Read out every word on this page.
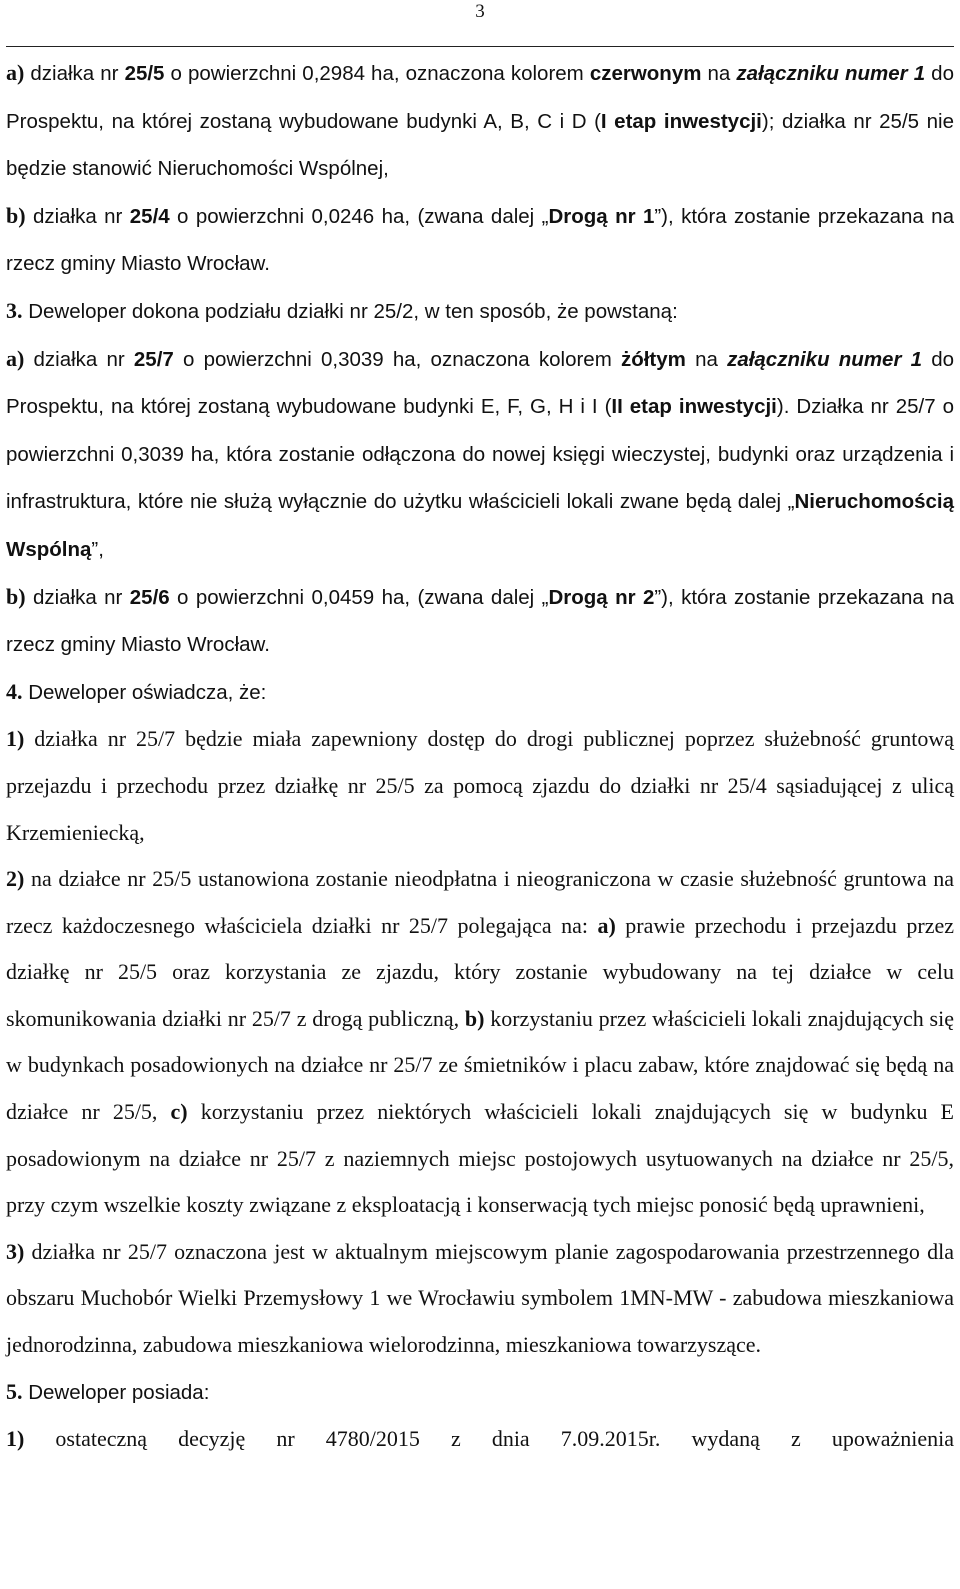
3

a) działka nr 25/5 o powierzchni 0,2984 ha, oznaczona kolorem czerwonym na załączniku numer 1 do Prospektu, na której zostaną wybudowane budynki A, B, C i D (I etap inwestycji); działka nr 25/5 nie będzie stanowić Nieruchomości Wspólnej,

b) działka nr 25/4 o powierzchni 0,0246 ha, (zwana dalej „Drogą nr 1”), która zostanie przekazana na rzecz gminy Miasto Wrocław.

3. Deweloper dokona podziału działki nr 25/2, w ten sposób, że powstaną:

a) działka nr 25/7 o powierzchni 0,3039 ha, oznaczona kolorem żółtym na załączniku numer 1 do Prospektu, na której zostaną wybudowane budynki E, F, G, H i I (II etap inwestycji). Działka nr 25/7 o powierzchni 0,3039 ha, która zostanie odłączona do nowej księgi wieczystej, budynki oraz urządzenia i infrastruktura, które nie służą wyłącznie do użytku właścicieli lokali zwane będą dalej „Nieruchomością Wspólną”,

b) działka nr 25/6 o powierzchni 0,0459 ha, (zwana dalej „Drogą nr 2”), która zostanie przekazana na rzecz gminy Miasto Wrocław.

4. Deweloper oświadcza, że:

1) działka nr 25/7 będzie miała zapewniony dostęp do drogi publicznej poprzez służebność gruntową przejazdu i przechodu przez działkę nr 25/5 za pomocą zjazdu do działki nr 25/4 sąsiadującej z ulicą Krzemieniecką,

2) na działce nr 25/5 ustanowiona zostanie nieodpłatna i nieograniczona w czasie służebność gruntowa na rzecz każdoczesnego właściciela działki nr 25/7 polegająca na: a) prawie przechodu i przejazdu przez działkę nr 25/5 oraz korzystania ze zjazdu, który zostanie wybudowany na tej działce w celu skomunikowania działki nr 25/7 z drogą publiczną, b) korzystaniu przez właścicieli lokali znajdujących się w budynkach posadowionych na działce nr 25/7 ze śmietników i placu zabaw, które znajdować się będą na działce nr 25/5, c) korzystaniu przez niektórych właścicieli lokali znajdujących się w budynku E posadowionym na działce nr 25/7 z naziemnych miejsc postojowych usytuowanych na działce nr 25/5, przy czym wszelkie koszty związane z eksploatacją i konserwacją tych miejsc ponosić będą uprawnieni,

3) działka nr 25/7 oznaczona jest w aktualnym miejscowym planie zagospodarowania przestrzennego dla obszaru Muchobór Wielki Przemysłowy 1 we Wrocławiu symbolem 1MN-MW - zabudowa mieszkaniowa jednorodzinna, zabudowa mieszkaniowa wielorodzinna, mieszkaniowa towarzyszące.

5. Deweloper posiada:

1) ostateczną decyzję nr 4780/2015 z dnia 7.09.2015r. wydaną z upoważnienia
